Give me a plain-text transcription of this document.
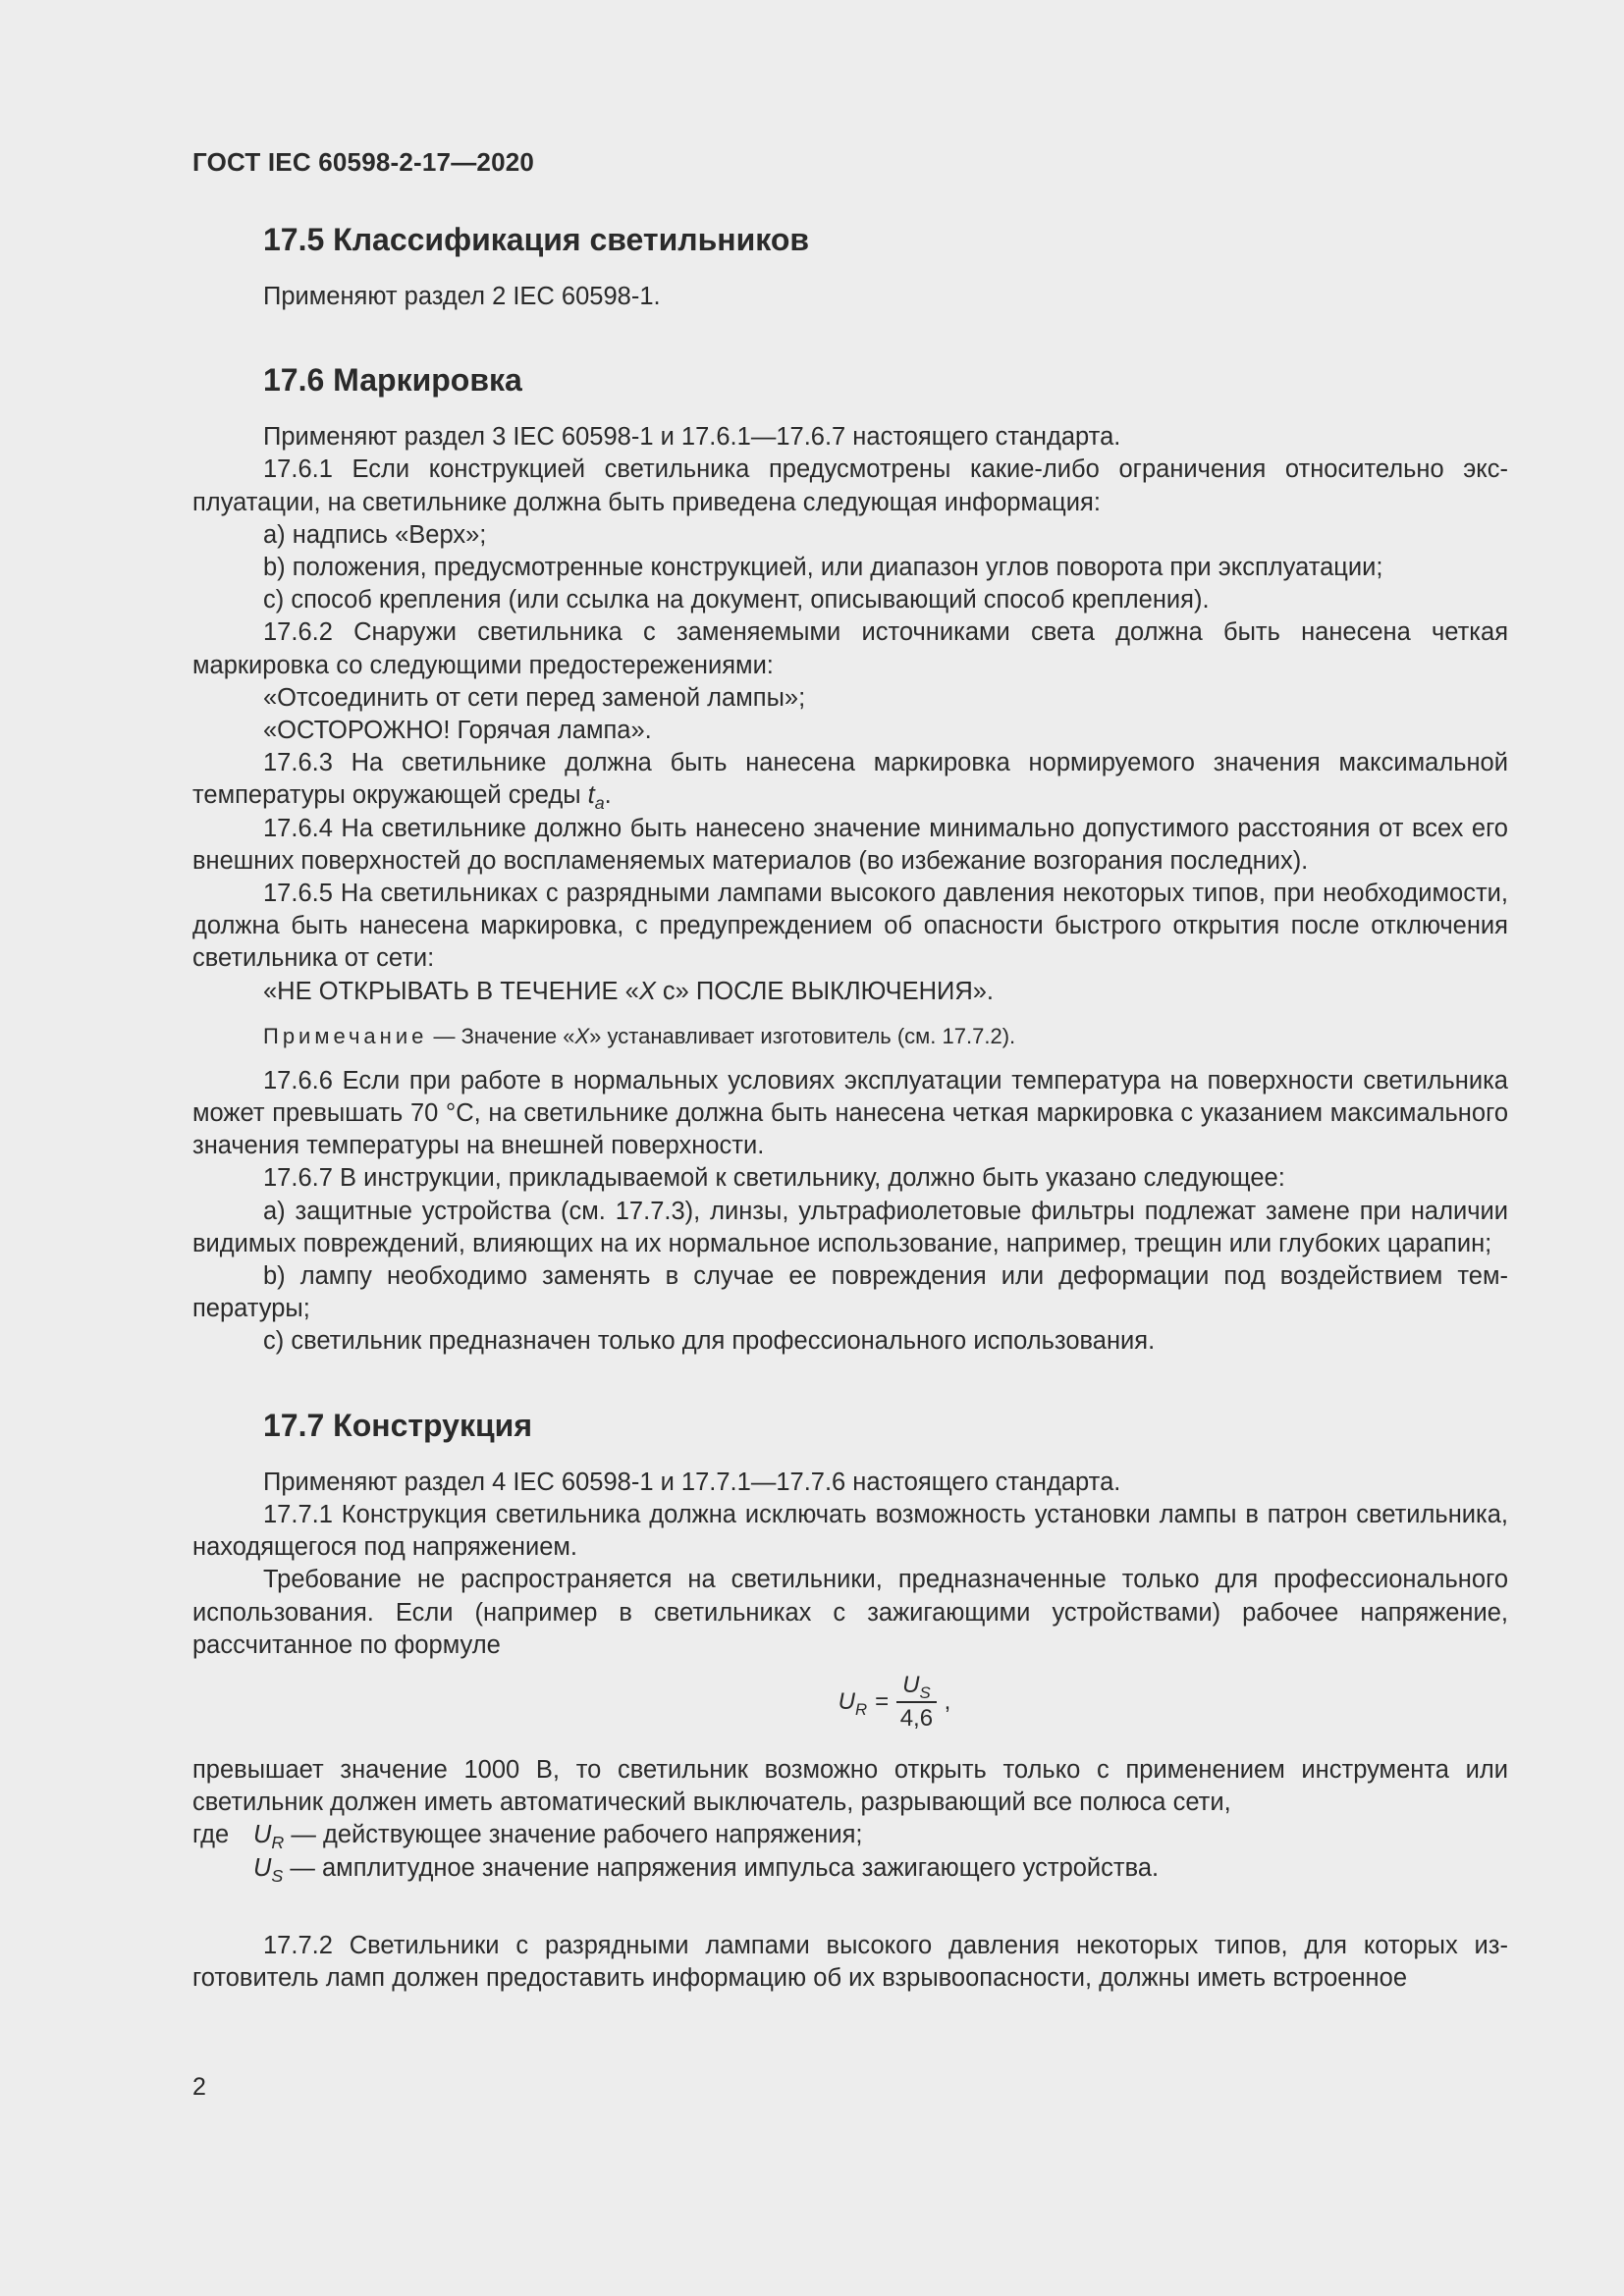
ГОСТ IEC 60598-2-17—2020
17.5 Классификация светильников

Применяют раздел 2 IEC 60598-1.

17.6 Маркировка

Применяют раздел 3 IEC 60598-1 и 17.6.1—17.6.7 настоящего стандарта.

17.6.1 Если конструкцией светильника предусмотрены какие-либо ограничения относительно эксплуатации, на светильнике должна быть приведена следующая информация:

а) надпись «Верх»;

b) положения, предусмотренные конструкцией, или диапазон углов поворота при эксплуатации;

с) способ крепления (или ссылка на документ, описывающий способ крепления).

17.6.2 Снаружи светильника с заменяемыми источниками света должна быть нанесена четкая маркировка со следующими предостережениями:

«Отсоединить от сети перед заменой лампы»;

«ОСТОРОЖНО! Горячая лампа».

17.6.3 На светильнике должна быть нанесена маркировка нормируемого значения максимальной температуры окружающей среды $t_a$.

17.6.4 На светильнике должно быть нанесено значение минимально допустимого расстояния от всех его внешних поверхностей до воспламеняемых материалов (во избежание возгорания последних).

17.6.5 На светильниках с разрядными лампами высокого давления некоторых типов, при необходимости, должна быть нанесена маркировка, с предупреждением об опасности быстрого открытия после отключения светильника от сети:

«НЕ ОТКРЫВАТЬ В ТЕЧЕНИЕ «X с» ПОСЛЕ ВЫКЛЮЧЕНИЯ».

Примечание — Значение «X» устанавливает изготовитель (см. 17.7.2).

17.6.6 Если при работе в нормальных условиях эксплуатации температура на поверхности светильника может превышать 70 °С, на светильнике должна быть нанесена четкая маркировка с указанием максимального значения температуры на внешней поверхности.

17.6.7 В инструкции, прикладываемой к светильнику, должно быть указано следующее:

а) защитные устройства (см. 17.7.3), линзы, ультрафиолетовые фильтры подлежат замене при наличии видимых повреждений, влияющих на их нормальное использование, например, трещин или глубоких царапин;

b) лампу необходимо заменять в случае ее повреждения или деформации под воздействием температуры;

с) светильник предназначен только для профессионального использования.

17.7 Конструкция

Применяют раздел 4 IEC 60598-1 и 17.7.1—17.7.6 настоящего стандарта.

17.7.1 Конструкция светильника должна исключать возможность установки лампы в патрон светильника, находящегося под напряжением.

Требование не распространяется на светильники, предназначенные только для профессионального использования. Если (например в светильниках с зажигающими устройствами) рабочее напряжение, рассчитанное по формуле

$U_R = \frac{U_S}{4,6}$ ,

превышает значение 1000 В, то светильник возможно открыть только с применением инструмента или светильник должен иметь автоматический выключатель, разрывающий все полюса сети,

где $U_R$ — действующее значение рабочего напряжения;
$U_S$ — амплитудное значение напряжения импульса зажигающего устройства.

17.7.2 Светильники с разрядными лампами высокого давления некоторых типов, для которых изготовитель ламп должен предоставить информацию об их взрывоопасности, должны иметь встроенное

2
